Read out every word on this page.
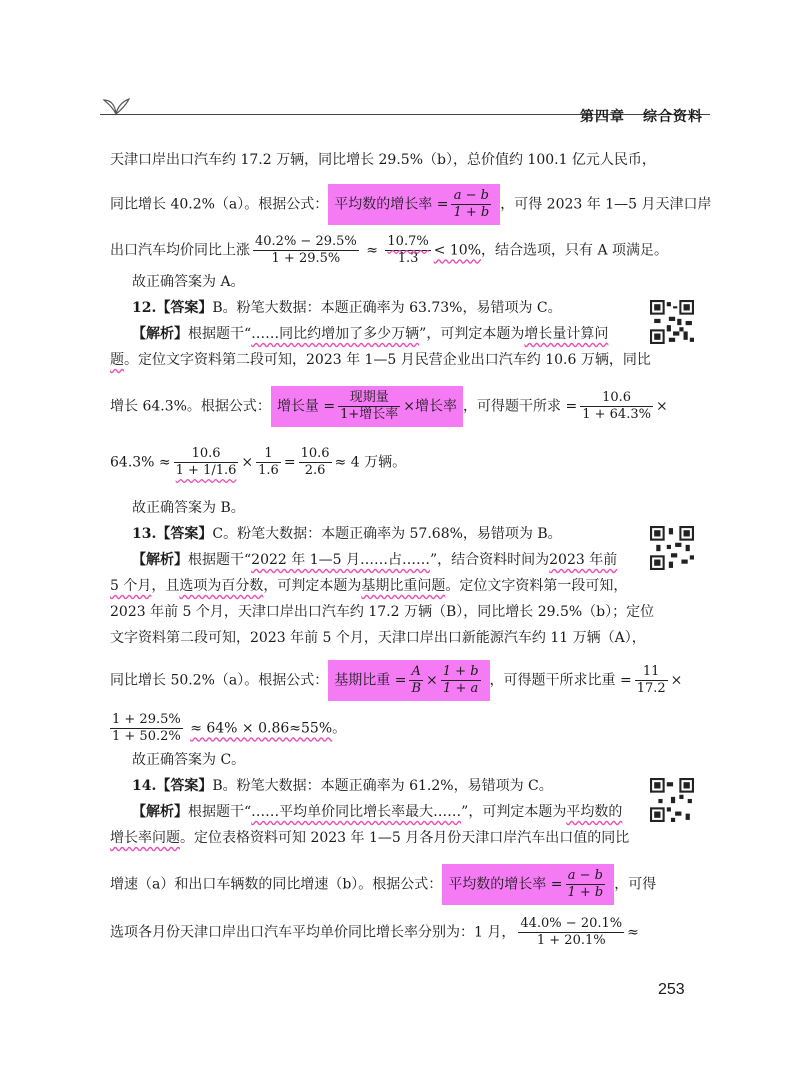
第四章 综合资料
天津口岸出口汽车约 17.2 万辆，同比增长 29.5%（b），总价值约 100.1 亿元人民币，
同比增长 40.2%（a）。根据公式： 平均数的增长率 = $\frac{a - b}{1 + b}$ ，可得 2023 年 1—5 月天津口岸
出口汽车均价同比上涨 $\frac{40.2\% - 29.5\%}{1 + 29.5\%} \approx \frac{10.7\%}{1.3} < 10\%$，结合选项，只有 A 项满足。
故正确答案为 A。
12.【答案】B。粉笔大数据：本题正确率为 63.73%，易错项为 C。
【解析】根据题干“……同比约增加了多少万辆”，可判定本题为增长量计算问
题。定位文字资料第二段可知，2023 年 1—5 月民营企业出口汽车约 10.6 万辆，同比
增长 64.3%。根据公式： 增长量 = $\frac{\text{现期量}}{\text{1+增长率}}$ ×增长率 ，可得题干所求 = $\frac{10.6}{1 + 64.3\%}$ ×
$64.3\% \approx \frac{10.6}{1 + 1/1.6} \times \frac{1}{1.6} = \frac{10.6}{2.6} \approx 4$ 万辆。
故正确答案为 B。
13.【答案】C。粉笔大数据：本题正确率为 57.68%，易错项为 B。
【解析】根据题干“2022 年 1—5 月……占……”，结合资料时间为2023 年前
5 个月，且选项为百分数，可判定本题为基期比重问题。定位文字资料第一段可知，
2023 年前 5 个月，天津口岸出口汽车约 17.2 万辆（B），同比增长 29.5%（b）；定位
文字资料第二段可知，2023 年前 5 个月，天津口岸出口新能源汽车约 11 万辆（A），
同比增长 50.2%（a）。根据公式： 基期比重 = $\frac{A}{B} \times \frac{1 + b}{1 + a}$ ，可得题干所求比重 = $\frac{11}{17.2}$ ×
$\frac{1 + 29.5\%}{1 + 50.2\%} \approx 64\% \times 0.86\approx 55\%$。
故正确答案为 C。
14.【答案】B。粉笔大数据：本题正确率为 61.2%，易错项为 C。
【解析】根据题干“……平均单价同比增长率最大……”，可判定本题为平均数的
增长率问题。定位表格资料可知 2023 年 1—5 月各月份天津口岸汽车出口值的同比
增速（a）和出口车辆数的同比增速（b）。根据公式： 平均数的增长率 = $\frac{a - b}{1 + b}$ ，可得
选项各月份天津口岸出口汽车平均单价同比增长率分别为：1 月， $\frac{44.0\% - 20.1\%}{1 + 20.1\%}$ ≈
253
